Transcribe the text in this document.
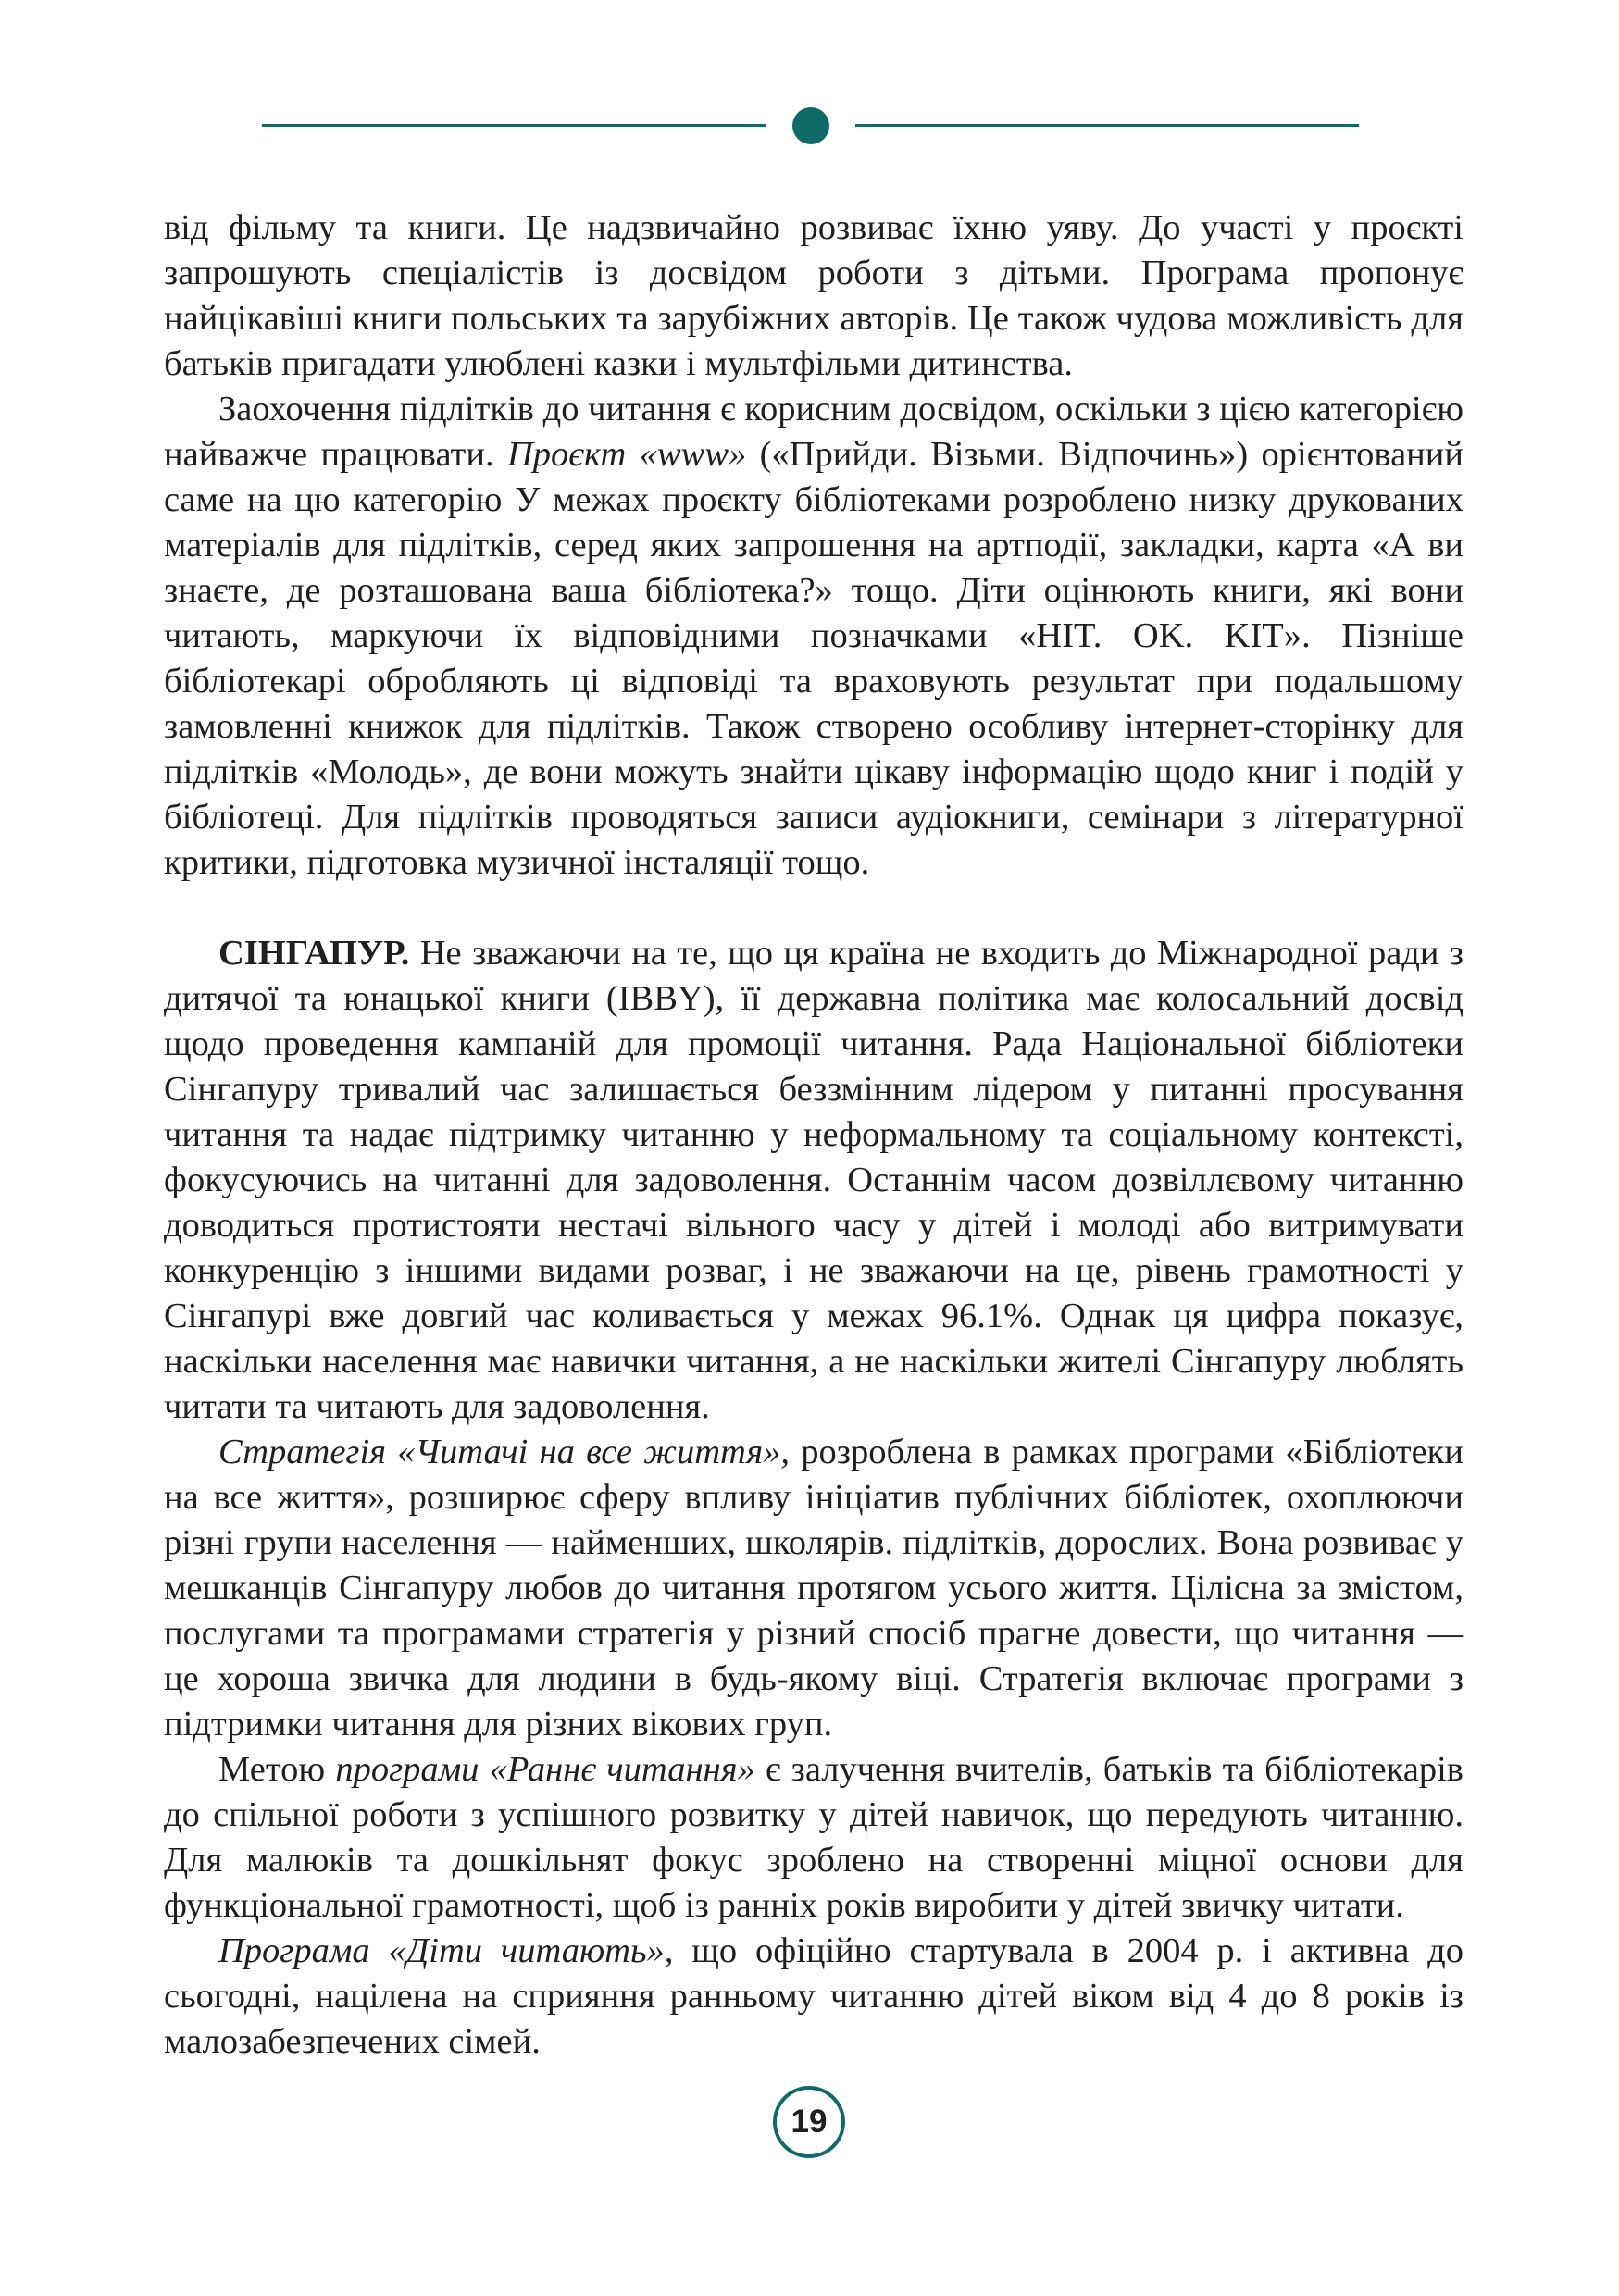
від фільму та книги. Це надзвичайно розвиває їхню уяву. До участі у проєкті запрошують спеціалістів із досвідом роботи з дітьми. Програма пропонує найцікавіші книги польських та зарубіжних авторів. Це також чудова можливість для батьків пригадати улюблені казки і мультфільми дитинства.

Заохочення підлітків до читання є корисним досвідом, оскільки з цією категорією найважче працювати. Проєкт «www» («Прийди. Візьми. Відпочинь») орієнтований саме на цю категорію У межах проєкту бібліотеками розроблено низку друкованих матеріалів для підлітків, серед яких запрошення на артподії, закладки, карта «А ви знаєте, де розташована ваша бібліотека?» тощо. Діти оцінюють книги, які вони читають, маркуючи їх відповідними позначками «HIT. OK. KIT». Пізніше бібліотекарі обробляють ці відповіді та враховують результат при подальшому замовленні книжок для підлітків. Також створено особливу інтернет-сторінку для підлітків «Молодь», де вони можуть знайти цікаву інформацію щодо книг і подій у бібліотеці. Для підлітків проводяться записи аудіокниги, семінари з літературної критики, підготовка музичної інсталяції тощо.

СІНГАПУР. Не зважаючи на те, що ця країна не входить до Міжнародної ради з дитячої та юнацької книги (IBBY), її державна політика має колосальний досвід щодо проведення кампаній для промоції читання. Рада Національної бібліотеки Сінгапуру тривалий час залишається беззмінним лідером у питанні просування читання та надає підтримку читанню у неформальному та соціальному контексті, фокусуючись на читанні для задоволення. Останнім часом дозвіллєвому читанню доводиться протистояти нестачі вільного часу у дітей і молоді або витримувати конкуренцію з іншими видами розваг, і не зважаючи на це, рівень грамотності у Сінгапурі вже довгий час коливається у межах 96.1%. Однак ця цифра показує, наскільки населення має навички читання, а не наскільки жителі Сінгапуру люблять читати та читають для задоволення.

Стратегія «Читачі на все життя», розроблена в рамках програми «Бібліотеки на все життя», розширює сферу впливу ініціатив публічних бібліотек, охоплюючи різні групи населення — найменших, школярів. підлітків, дорослих. Вона розвиває у мешканців Сінгапуру любов до читання протягом усього життя. Цілісна за змістом, послугами та програмами стратегія у різний спосіб прагне довести, що читання — це хороша звичка для людини в будь-якому віці. Стратегія включає програми з підтримки читання для різних вікових груп.

Метою програми «Раннє читання» є залучення вчителів, батьків та бібліотекарів до спільної роботи з успішного розвитку у дітей навичок, що передують читанню. Для малюків та дошкільнят фокус зроблено на створенні міцної основи для функціональної грамотності, щоб із ранніх років виробити у дітей звичку читати.

Програма «Діти читають», що офіційно стартувала в 2004 р. і активна до сьогодні, націлена на сприяння ранньому читанню дітей віком від 4 до 8 років із малозабезпечених сімей.

19
